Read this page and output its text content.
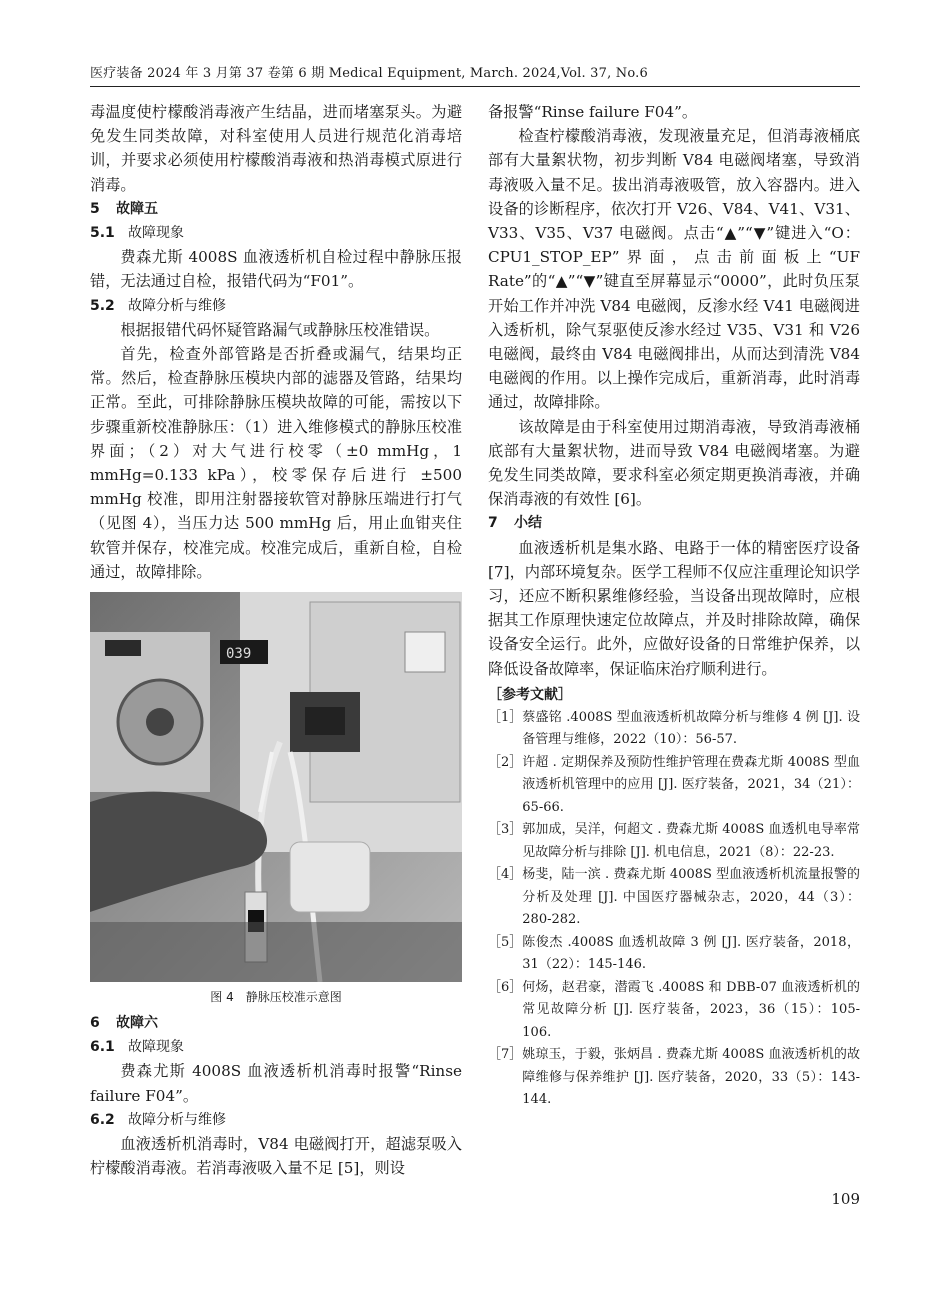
医疗装备 2024 年 3 月第 37 卷第 6 期 Medical Equipment, March. 2024,Vol. 37, No.6

毒温度使柠檬酸消毒液产生结晶，进而堵塞泵头。为避免发生同类故障，对科室使用人员进行规范化消毒培训，并要求必须使用柠檬酸消毒液和热消毒模式原进行消毒。

5 故障五

5.1 故障现象

费森尤斯 4008S 血液透析机自检过程中静脉压报错，无法通过自检，报错代码为“F01”。

5.2 故障分析与维修

根据报错代码怀疑管路漏气或静脉压校准错误。

首先，检查外部管路是否折叠或漏气，结果均正常。然后，检查静脉压模块内部的滤器及管路，结果均正常。至此，可排除静脉压模块故障的可能，需按以下步骤重新校准静脉压：（1）进入维修模式的静脉压校准界面；（2）对大气进行校零（±0 mmHg，1 mmHg=0.133 kPa），校零保存后进行 ±500 mmHg 校准，即用注射器接软管对静脉压端进行打气（见图 4），当压力达 500 mmHg 后，用止血钳夹住软管并保存，校准完成。校准完成后，重新自检，自检通过，故障排除。

039

图 4　静脉压校准示意图

6 故障六

6.1 故障现象

费森尤斯 4008S 血液透析机消毒时报警“Rinse failure F04”。

6.2 故障分析与维修

血液透析机消毒时，V84 电磁阀打开，超滤泵吸入柠檬酸消毒液。若消毒液吸入量不足 [5]，则设

备报警“Rinse failure F04”。

检查柠檬酸消毒液，发现液量充足，但消毒液桶底部有大量絮状物，初步判断 V84 电磁阀堵塞，导致消毒液吸入量不足。拔出消毒液吸管，放入容器内。进入设备的诊断程序，依次打开 V26、V84、V41、V31、V33、V35、V37 电磁阀。点击“▲”“▼”键进入“O：CPU1_STOP_EP”界面，点击前面板上“UF Rate”的“▲”“▼”键直至屏幕显示“0000”，此时负压泵开始工作并冲洗 V84 电磁阀，反渗水经 V41 电磁阀进入透析机，除气泵驱使反渗水经过 V35、V31 和 V26 电磁阀，最终由 V84 电磁阀排出，从而达到清洗 V84 电磁阀的作用。以上操作完成后，重新消毒，此时消毒通过，故障排除。

该故障是由于科室使用过期消毒液，导致消毒液桶底部有大量絮状物，进而导致 V84 电磁阀堵塞。为避免发生同类故障，要求科室必须定期更换消毒液，并确保消毒液的有效性 [6]。

7 小结

血液透析机是集水路、电路于一体的精密医疗设备 [7]，内部环境复杂。医学工程师不仅应注重理论知识学习，还应不断积累维修经验，当设备出现故障时，应根据其工作原理快速定位故障点，并及时排除故障，确保设备安全运行。此外，应做好设备的日常维护保养，以降低设备故障率，保证临床治疗顺利进行。

［参考文献］

［1］ 蔡盛铭 .4008S 型血液透析机故障分析与维修 4 例 [J]. 设备管理与维修，2022（10）：56-57.
［2］ 许超 . 定期保养及预防性维护管理在费森尤斯 4008S 型血液透析机管理中的应用 [J]. 医疗装备，2021，34（21）：65-66.
［3］ 郭加成，吴洋，何超文 . 费森尤斯 4008S 血透机电导率常见故障分析与排除 [J]. 机电信息，2021（8）：22-23.
［4］ 杨斐，陆一滨 . 费森尤斯 4008S 型血液透析机流量报警的分析及处理 [J]. 中国医疗器械杂志，2020，44（3）：280-282.
［5］ 陈俊杰 .4008S 血透机故障 3 例 [J]. 医疗装备，2018，31（22）：145-146.
［6］ 何炀，赵君豪，潜霞飞 .4008S 和 DBB-07 血液透析机的常见故障分析 [J]. 医疗装备，2023，36（15）：105-106.
［7］ 姚琼玉，于毅，张炳昌 . 费森尤斯 4008S 血液透析机的故障维修与保养维护 [J]. 医疗装备，2020，33（5）：143-144.
109
